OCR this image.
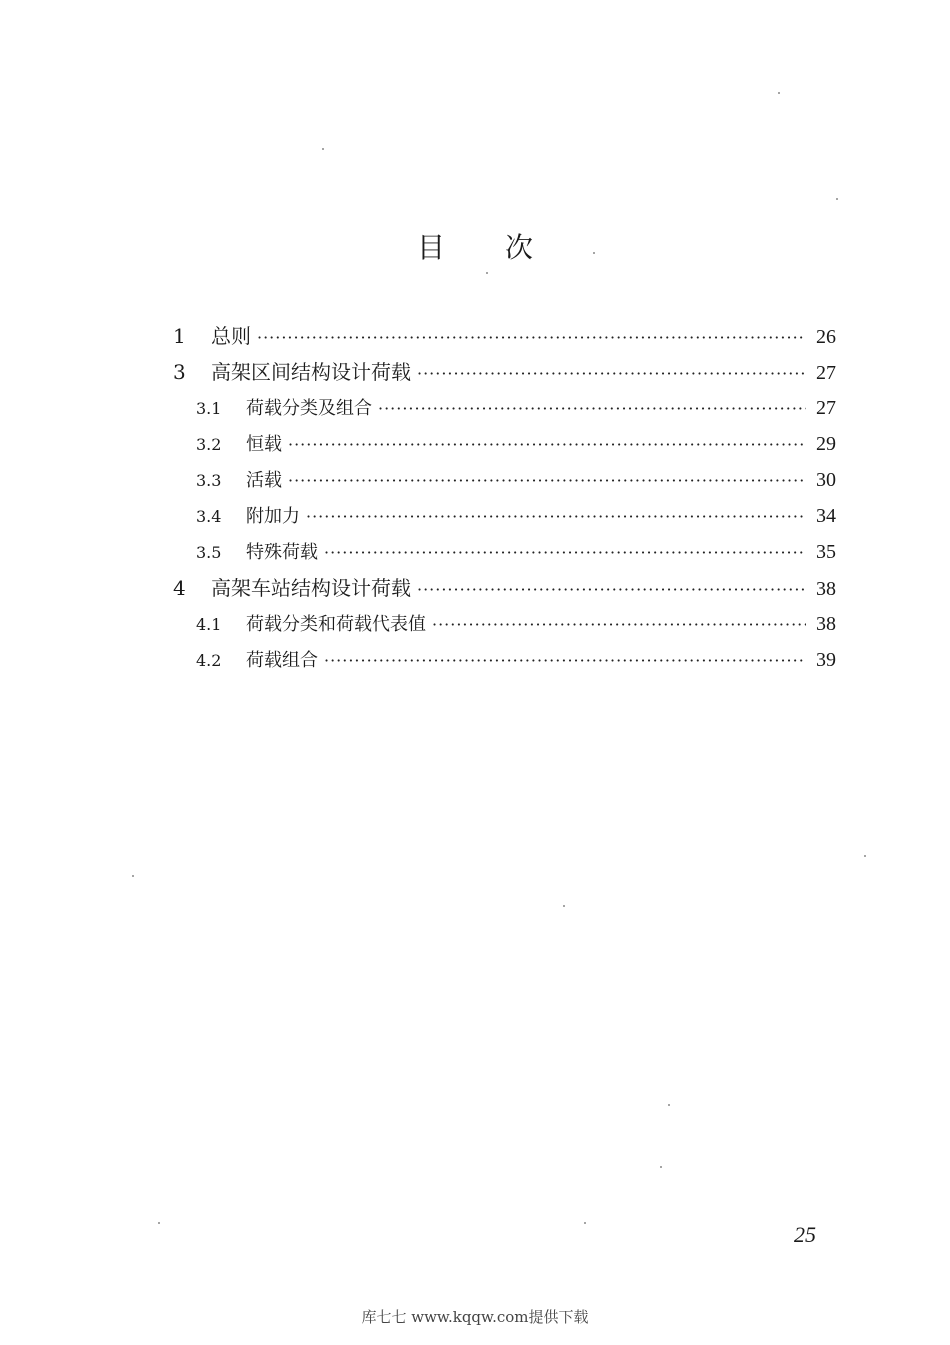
目次
1	总则 ·····	26
3	高架区间结构设计荷载 ·····	27
3.1	荷载分类及组合 ·····	27
3.2	恒载 ·····	29
3.3	活载 ·····	30
3.4	附加力 ·····	34
3.5	特殊荷载 ·····	35
4	高架车站结构设计荷载 ·····	38
4.1	荷载分类和荷载代表值 ·····	38
4.2	荷载组合 ·····	39
25
库七七 www.kqqw.com提供下载
